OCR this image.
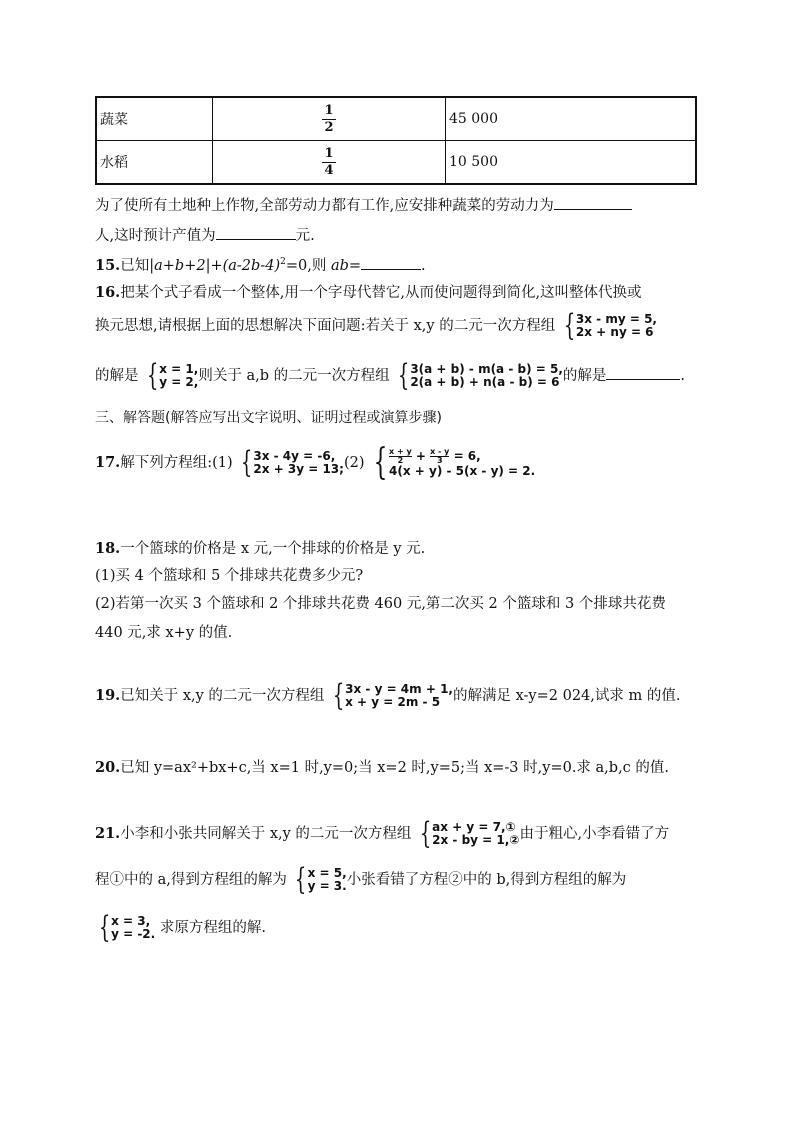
蔬菜	$\frac{1}{2}$	45 000
水稻	$\frac{1}{4}$	10 500
为了使所有土地种上作物,全部劳动力都有工作,应安排种蔬菜的劳动力为
人,这时预计产值为	元.
15.已知$|a+b+2|+(a-2b-4)^2=0$,则 ab=	.
16.把某个式子看成一个整体,用一个字母代替它,从而使问题得到简化,这叫整体代换或
换元思想,请根据上面的思想解决下面问题:若关于 x,y 的二元一次方程组 { 3x - my = 5,
2x + ny = 6
的解是 { x = 1,
y = 2, 则关于 a,b 的二元一次方程组 { 3(a + b) - m(a - b) = 5,
2(a + b) + n(a - b) = 6 的解是	.
三、解答题(解答应写出文字说明、证明过程或演算步骤)
17.解下列方程组:(1) { 3x - 4y = -6,
2x + 3y = 13; (2) { $\frac{x + y}{2} + \frac{x - y}{3} = 6$,
4(x + y) - 5(x - y) = 2.
18.一个篮球的价格是 x 元,一个排球的价格是 y 元.
(1)买 4 个篮球和 5 个排球共花费多少元?
(2)若第一次买 3 个篮球和 2 个排球共花费 460 元,第二次买 2 个篮球和 3 个排球共花费
440 元,求 x+y 的值.
19.已知关于 x,y 的二元一次方程组 { 3x - y = 4m + 1,
x + y = 2m - 5 的解满足 x-y=2 024,试求 m 的值.
20.已知 y=ax²+bx+c,当 x=1 时,y=0;当 x=2 时,y=5;当 x=-3 时,y=0.求 a,b,c 的值.
21.小李和小张共同解关于 x,y 的二元一次方程组 { ax + y = 7,①
2x - by = 1,② 由于粗心,小李看错了方
程①中的 a,得到方程组的解为 { x = 5,
y = 3. 小张看错了方程②中的 b,得到方程组的解为
{ x = 3,
y = -2. 求原方程组的解.
